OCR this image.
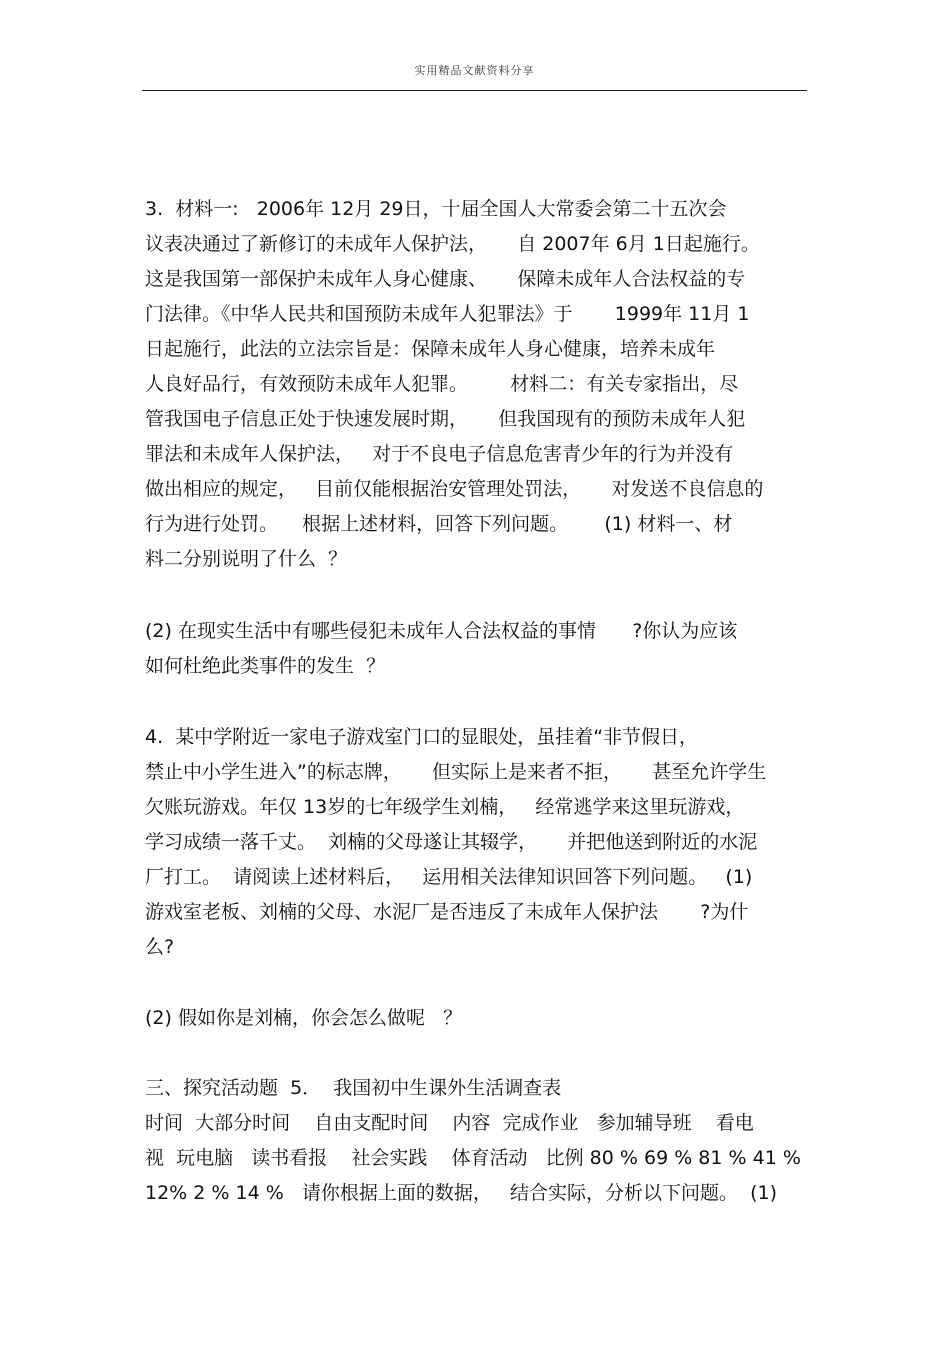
实用精品文献资料分享
3.  材料一:   2006年 12月 29日，十届全国人大常委会第二十五次会
议表决通过了新修订的未成年人保护法，     自 2007年 6月 1日起施行。
这是我国第一部保护未成年人身心健康、     保障未成年人合法权益的专
门法律。《中华人民共和国预防未成年人犯罪法》于       1999年 11月 1
日起施行，此法的立法宗旨是：保障未成年人身心健康，培养未成年
人良好品行，有效预防未成年人犯罪。       材料二：有关专家指出，尽
管我国电子信息正处于快速发展时期，     但我国现有的预防未成年人犯
罪法和未成年人保护法，   对于不良电子信息危害青少年的行为并没有
做出相应的规定，   目前仅能根据治安管理处罚法，     对发送不良信息的
行为进行处罚。    根据上述材料，回答下列问题。      (1) 材料一、材
料二分别说明了什么  ？
(2) 在现实生活中有哪些侵犯未成年人合法权益的事情      ?你认为应该
如何杜绝此类事件的发生  ？
4.  某中学附近一家电子游戏室门口的显眼处，虽挂着“非节假日，
禁止中小学生进入”的标志牌，     但实际上是来者不拒，     甚至允许学生
欠账玩游戏。年仅 13岁的七年级学生刘楠，   经常逃学来这里玩游戏，
学习成绩一落千丈。  刘楠的父母遂让其辍学，     并把他送到附近的水泥
厂打工。  请阅读上述材料后，   运用相关法律知识回答下列问题。   (1)
游戏室老板、刘楠的父母、水泥厂是否违反了未成年人保护法       ?为什
么?
(2) 假如你是刘楠，你会怎么做呢   ？
三、探究活动题  5．  我国初中生课外生活调查表
时间  大部分时间    自由支配时间    内容  完成作业   参加辅导班    看电
视  玩电脑   读书看报    社会实践    体育活动   比例 80 % 69 % 81 % 41 %
12% 2 % 14 %   请你根据上面的数据，   结合实际，分析以下问题。  (1)
